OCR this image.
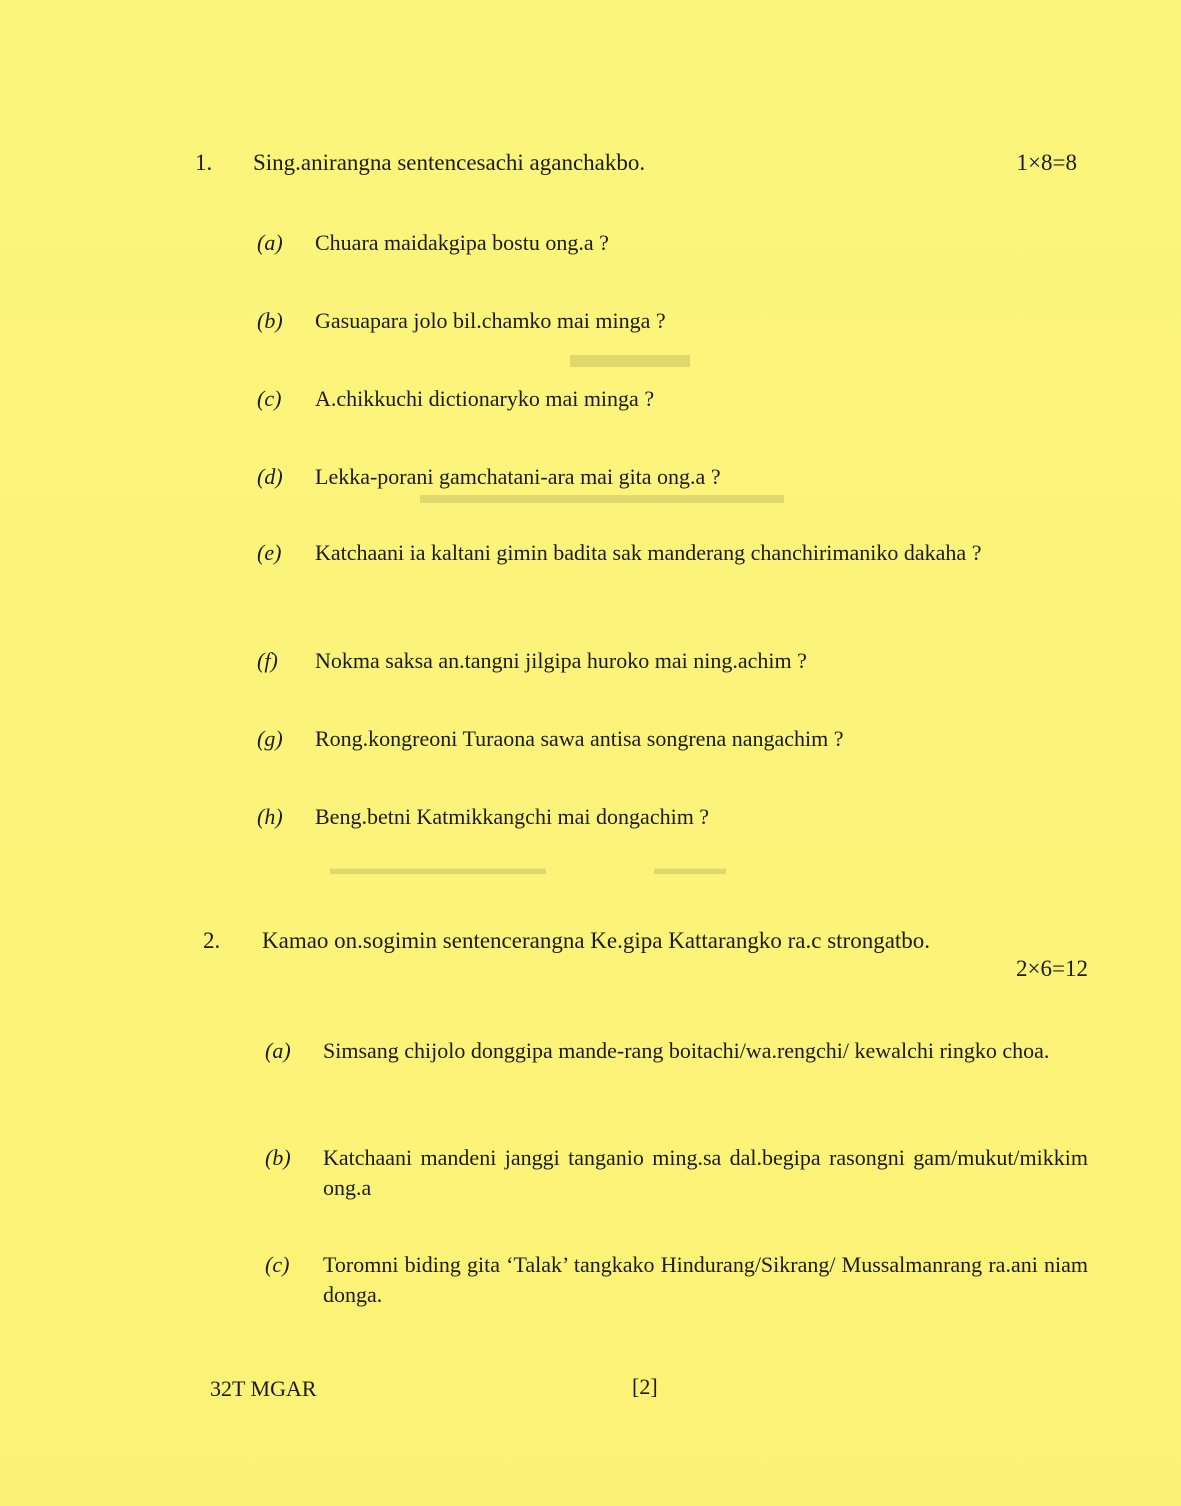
▬▬▬
▬▬▬▬▬▬▬▬▬▬▬▬▬▬
▬▬▬▬                        ▬▬▬▬▬▬▬▬▬▬▬▬
1. Sing.anirangna sentencesachi aganchakbo.	1×8=8
(a) Chuara maidakgipa bostu ong.a ?
(b) Gasuapara jolo bil.chamko mai minga ?
(c) A.chikkuchi dictionaryko mai minga ?
(d) Lekka-porani gamchatani-ara mai gita ong.a ?
(e) Katchaani ia kaltani gimin badita sak manderang chanchirimaniko dakaha ?
(f) Nokma saksa an.tangni jilgipa huroko mai ning.achim ?
(g) Rong.kongreoni Turaona sawa antisa songrena nangachim ?
(h) Beng.betni Katmikkangchi mai dongachim ?
2. Kamao on.sogimin sentencerangna Ke.gipa Kattarangko ra.c strongatbo.
2×6=12
(a) Simsang chijolo donggipa mande-rang boitachi/wa.rengchi/ kewalchi ringko choa.
(b) Katchaani mandeni janggi tanganio ming.sa dal.begipa rasongni gam/mukut/mikkim ong.a
(c) Toromni biding gita ‘Talak’ tangkako Hindurang/Sikrang/ Mussalmanrang ra.ani niam donga.
32T MGAR	[2]
